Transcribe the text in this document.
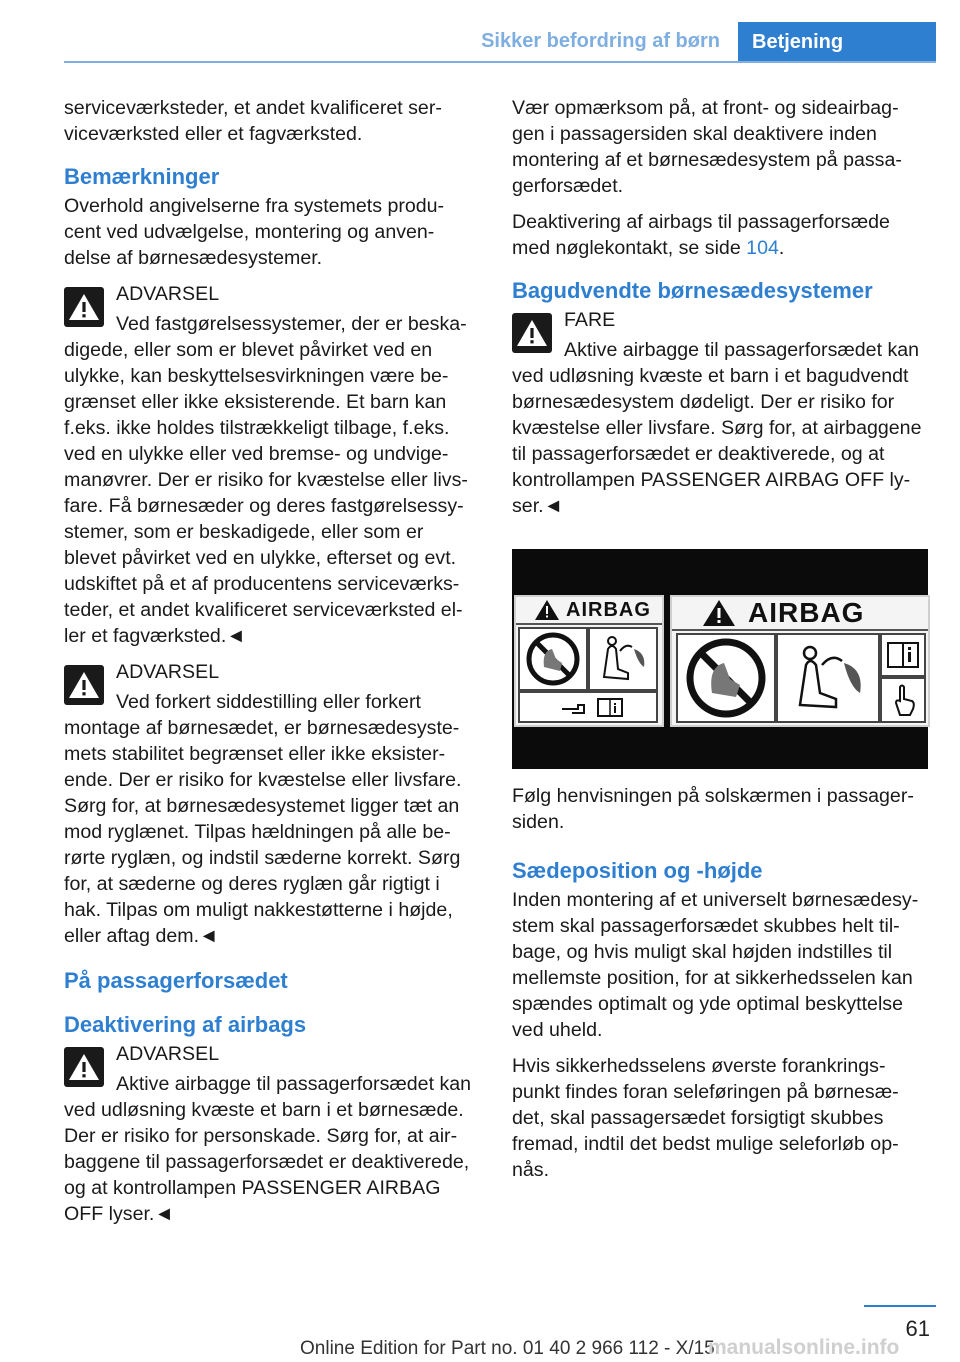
Sikker befordring af børn	Betjening

serviceværksteder, et andet kvalificeret ser-viceværksted eller et fagværksted.

Bemærkninger

Overhold angivelserne fra systemets produ-cent ved udvælgelse, montering og anven-delse af børnesædesystemer.

ADVARSEL

Ved fastgørelsessystemer, der er beska-digede, eller som er blevet påvirket ved en ulykke, kan beskyttelsesvirkningen være be-grænset eller ikke eksisterende. Et barn kan f.eks. ikke holdes tilstrækkeligt tilbage, f.eks. ved en ulykke eller ved bremse- og undvige-manøvrer. Der er risiko for kvæstelse eller livs-fare. Få børnesæder og deres fastgørelsessy-stemer, som er beskadigede, eller som er blevet påvirket ved en ulykke, efterset og evt. udskiftet på et af producentens serviceværks-teder, et andet kvalificeret serviceværksted el-ler et fagværksted.◄

ADVARSEL

Ved forkert siddestilling eller forkert montage af børnesædet, er børnesædesyste-mets stabilitet begrænset eller ikke eksister-ende. Der er risiko for kvæstelse eller livsfare. Sørg for, at børnesædesystemet ligger tæt an mod ryglænet. Tilpas hældningen på alle be-rørte ryglæn, og indstil sæderne korrekt. Sørg for, at sæderne og deres ryglæn går rigtigt i hak. Tilpas om muligt nakkestøtterne i højde, eller aftag dem.◄

På passagerforsædet
Deaktivering af airbags
ADVARSEL

Aktive airbagge til passagerforsædet kan ved udløsning kvæste et barn i et børnesæde. Der er risiko for personskade. Sørg for, at air-baggene til passagerforsædet er deaktiverede, og at kontrollampen PASSENGER AIRBAG OFF lyser.◄

Vær opmærksom på, at front- og sideairbag-gen i passagersiden skal deaktivere inden montering af et børnesædesystem på passa-gerforsædet.

Deaktivering af airbags til passagerforsæde med nøglekontakt, se side 104.

Bagudvendte børnesædesystemer
FARE

Aktive airbagge til passagerforsædet kan ved udløsning kvæste et barn i et bagudvendt børnesædesystem dødeligt. Der er risiko for kvæstelse eller livsfare. Sørg for, at airbaggene til passagerforsædet er deaktiverede, og at kontrollampen PASSENGER AIRBAG OFF ly-ser.◄

AIRBAG	AIRBAG

Følg henvisningen på solskærmen i passager-siden.

Sædeposition og -højde

Inden montering af et universelt børnesædesy-stem skal passagerforsædet skubbes helt til-bage, og hvis muligt skal højden indstilles til mellemste position, for at sikkerhedsselen kan spændes optimalt og yde optimal beskyttelse ved uheld.

Hvis sikkerhedsselens øverste forankrings-punkt findes foran seleføringen på børnesæ-det, skal passagersædet forsigtigt skubbes fremad, indtil det bedst mulige seleforløb op-nås.

61
Online Edition for Part no. 01 40 2 966 112 - X/15
manualsonline.info
